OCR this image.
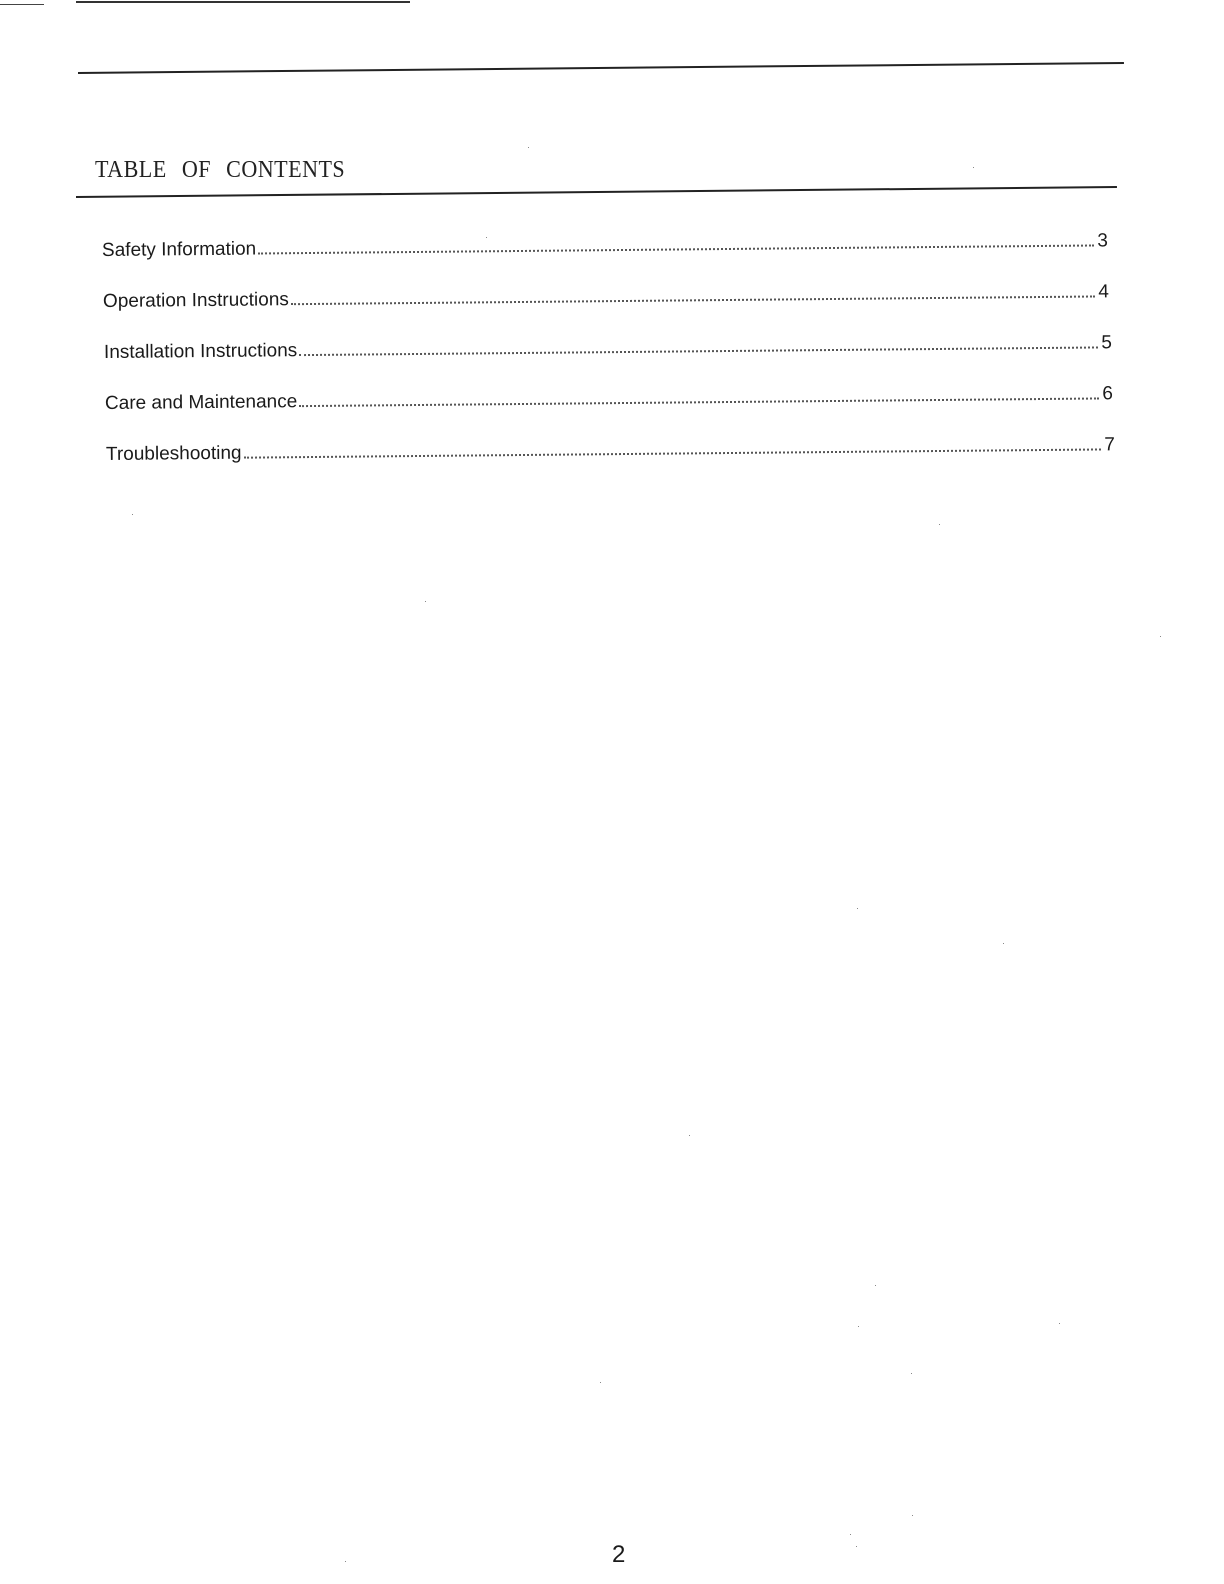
TABLE OF CONTENTS
Safety Information	3
Operation Instructions	4
Installation Instructions	5
Care and Maintenance	6
Troubleshooting	7
2
